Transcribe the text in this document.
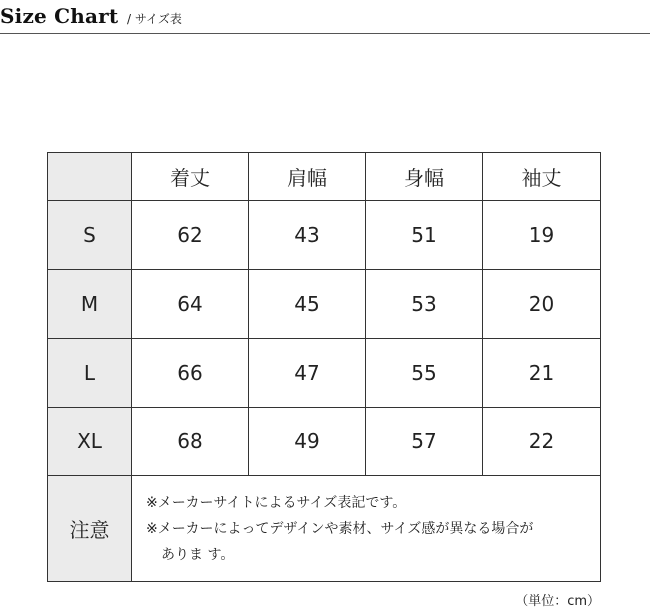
Size Chart / サイズ表
	着丈	肩幅	身幅	袖丈
S	62	43	51	19
M	64	45	53	20
L	66	47	55	21
XL	68	49	57	22
注意	※メーカーサイトによるサイズ表記です。
※メーカーによってデザインや素材、サイズ感が異なる場合が
ありま す。			
（単位：cm）
